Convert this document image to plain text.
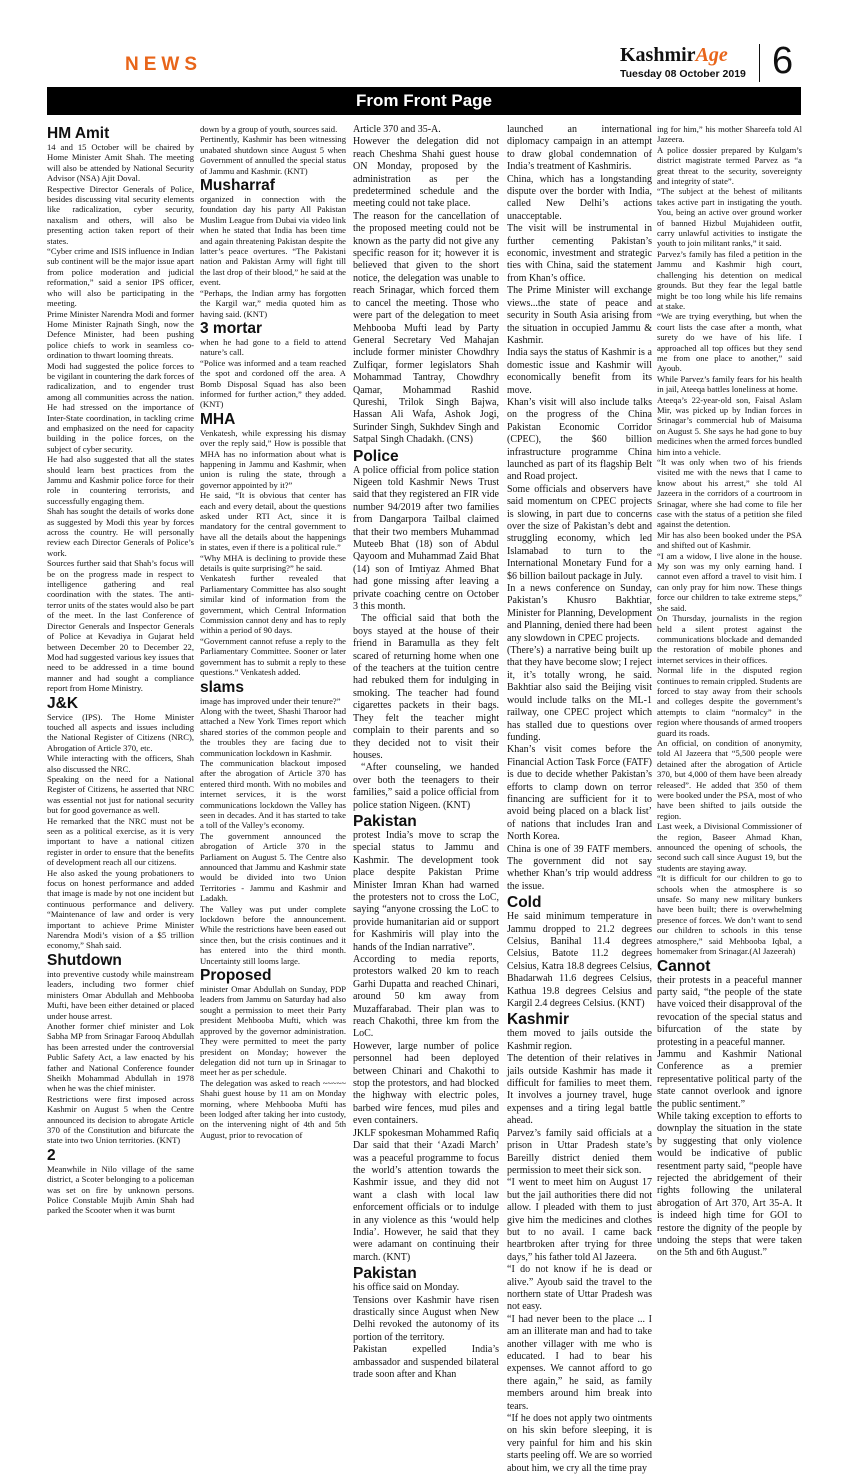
NEWS	KashmirAge
Tuesday 08 October 2019 6
From Front Page
HM Amit

14 and 15 October will be chaired by Home Minister Amit Shah. The meeting will also be attended by National Security Advisor (NSA) Ajit Doval.

Respective Director Generals of Police, besides discussing vital security elements like radicalization, cyber security, naxalism and others, will also be presenting action taken report of their states.

“Cyber crime and ISIS influence in Indian sub continent will be the major issue apart from police moderation and judicial reformation,” said a senior IPS officer, who will also be participating in the meeting.

Prime Minister Narendra Modi and former Home Minister Rajnath Singh, now the Defence Minister, had been pushing police chiefs to work in seamless co-ordination to thwart looming threats.

Modi had suggested the police forces to be vigilant in countering the dark forces of radicalization, and to engender trust among all communities across the nation. He had stressed on the importance of Inter-State coordination, in tackling crime and emphasized on the need for capacity building in the police forces, on the subject of cyber security.

He had also suggested that all the states should learn best practices from the Jammu and Kashmir police force for their role in countering terrorists, and successfully engaging them.

Shah has sought the details of works done as suggested by Modi this year by forces across the country. He will personally review each Director Generals of Police’s work.

Sources further said that Shah’s focus will be on the progress made in respect to intelligence gathering and real coordination with the states. The anti-terror units of the states would also be part of the meet. In the last Conference of Director Generals and Inspector Generals of Police at Kevadiya in Gujarat held between December 20 to December 22, Mod had suggested various key issues that need to be addressed in a time bound manner and had sought a compliance report from Home Ministry.

J&K

Service (IPS). The Home Minister touched all aspects and issues including the National Register of Citizens (NRC), Abrogation of Article 370, etc.

While interacting with the officers, Shah also discussed the NRC.

Speaking on the need for a National Register of Citizens, he asserted that NRC was essential not just for national security but for good governance as well.

He remarked that the NRC must not be seen as a political exercise, as it is very important to have a national citizen register in order to ensure that the benefits of development reach all our citizens.

He also asked the young probationers to focus on honest performance and added that image is made by not one incident but continuous performance and delivery. “Maintenance of law and order is very important to achieve Prime Minister Narendra Modi’s vision of a $5 trillion economy,” Shah said.

Shutdown

into preventive custody while mainstream leaders, including two former chief ministers Omar Abdullah and Mehbooba Mufti, have been either detained or placed under house arrest.

Another former chief minister and Lok Sabha MP from Srinagar Farooq Abdullah has been arrested under the controversial Public Safety Act, a law enacted by his father and National Conference founder Sheikh Mohammad Abdullah in 1978 when he was the chief minister.

Restrictions were first imposed across Kashmir on August 5 when the Centre announced its decision to abrogate Article 370 of the Constitution and bifurcate the state into two Union territories. (KNT)

2

Meanwhile in Nilo village of the same district, a Scoter belonging to a policeman was set on fire by unknown persons. Police Constable Mujib Amin Shah had parked the Scooter when it was burnt

down by a group of youth, sources said.

Pertinently, Kashmir has been witnessing unabated shutdown since August 5 when Government of annulled the special status of Jammu and Kashmir. (KNT)

Musharraf

organized in connection with the foundation day his party All Pakistan Muslim League from Dubai via video link when he stated that India has been time and again threatening Pakistan despite the latter’s peace overtures. “The Pakistani nation and Pakistan Army will fight till the last drop of their blood,” he said at the event.

“Perhaps, the Indian army has forgotten the Kargil war,” media quoted him as having said. (KNT)

3 mortar

when he had gone to a field to attend nature’s call.

“Police was informed and a team reached the spot and cordoned off the area. A Bomb Disposal Squad has also been informed for further action,” they added. (KNT)

MHA

Venkatesh, while expressing his dismay over the reply said,” How is possible that MHA has no information about what is happening in Jammu and Kashmir, when union is ruling the state, through a governor appointed by it?”

He said, “It is obvious that center has each and every detail, about the questions asked under RTI Act, since it is mandatory for the central government to have all the details about the happenings in states, even if there is a political rule.”

“Why MHA is declining to provide these details is quite surprising?” he said.

Venkatesh further revealed that Parliamentary Committee has also sought similar kind of information from the government, which Central Information Commission cannot deny and has to reply within a period of 90 days.

“Government cannot refuse a reply to the Parliamentary Committee. Sooner or later government has to submit a reply to these questions.” Venkatesh added.

slams

image has improved under their tenure?”

Along with the tweet, Shashi Tharoor had attached a New York Times report which shared stories of the common people and the troubles they are facing due to communication lockdown in Kashmir.

The communication blackout imposed after the abrogation of Article 370 has entered third month. With no mobiles and internet services, it is the worst communications lockdown the Valley has seen in decades. And it has started to take a toll of the Valley’s economy.

The government announced the abrogation of Article 370 in the Parliament on August 5. The Centre also announced that Jammu and Kashmir state would be divided into two Union Territories - Jammu and Kashmir and Ladakh.

The Valley was put under complete lockdown before the announcement. While the restrictions have been eased out since then, but the crisis continues and it has entered into the third month. Uncertainty still looms large.

Proposed

minister Omar Abdullah on Sunday, PDP leaders from Jammu on Saturday had also sought a permission to meet their Party president Mehbooba Mufti, which was approved by the governor administration. They were permitted to meet the party president on Monday; however the delegation did not turn up in Srinagar to meet her as per schedule.

The delegation was asked to reach ~~~~~ Shahi guest house by 11 am on Monday morning, where Mehbooba Mufti has been lodged after taking her into custody, on the intervening night of 4th and 5th August, prior to revocation of

Article 370 and 35-A.

However the delegation did not reach Cheshma Shahi guest house ON Monday, proposed by the administration as per the predetermined schedule and the meeting could not take place.

The reason for the cancellation of the proposed meeting could not be known as the party did not give any specific reason for it; however it is believed that given to the short notice, the delegation was unable to reach Srinagar, which forced them to cancel the meeting. Those who were part of the delegation to meet Mehbooba Mufti lead by Party General Secretary Ved Mahajan include former minister Chowdhry Zulfiqar, former legislators Shah Mohammad Tantray, Chowdhry Qamar, Mohammad Rashid Qureshi, Trilok Singh Bajwa, Hassan Ali Wafa, Ashok Jogi, Surinder Singh, Sukhdev Singh and Satpal Singh Chadakh. (CNS)

Police

A police official from police station Nigeen told Kashmir News Trust said that they registered an FIR vide number 94/2019 after two families from Dangarpora Tailbal claimed that their two members Muhammad Muteeb Bhat (18) son of Abdul Qayoom and Muhammad Zaid Bhat (14) son of Imtiyaz Ahmed Bhat had gone missing after leaving a private coaching centre on October 3 this month.

The official said that both the boys stayed at the house of their friend in Baramulla as they felt scared of returning home when one of the teachers at the tuition centre had rebuked them for indulging in smoking. The teacher had found cigarettes packets in their bags. They felt the teacher might complain to their parents and so they decided not to visit their houses.

“After counseling, we handed over both the teenagers to their families,” said a police official from police station Nigeen. (KNT)

Pakistan

protest India’s move to scrap the special status to Jammu and Kashmir. The development took place despite Pakistan Prime Minister Imran Khan had warned the protesters not to cross the LoC, saying “anyone crossing the LoC to provide humanitarian aid or support for Kashmiris will play into the hands of the Indian narrative”.

According to media reports, protestors walked 20 km to reach Garhi Dupatta and reached Chinari, around 50 km away from Muzaffarabad. Their plan was to reach Chakothi, three km from the LoC.

However, large number of police personnel had been deployed between Chinari and Chakothi to stop the protestors, and had blocked the highway with electric poles, barbed wire fences, mud piles and even containers.

JKLF spokesman Mohammed Rafiq Dar said that their ‘Azadi March’ was a peaceful programme to focus the world’s attention towards the Kashmir issue, and they did not want a clash with local law enforcement officials or to indulge in any violence as this ‘would help India’. However, he said that they were adamant on continuing their march. (KNT)

Pakistan

his office said on Monday.

Tensions over Kashmir have risen drastically since August when New Delhi revoked the autonomy of its portion of the territory.

Pakistan expelled India’s ambassador and suspended bilateral trade soon after and Khan

launched an international diplomacy campaign in an attempt to draw global condemnation of India’s treatment of Kashmiris.

China, which has a longstanding dispute over the border with India, called New Delhi’s actions unacceptable.

The visit will be instrumental in further cementing Pakistan’s economic, investment and strategic ties with China, said the statement from Khan’s office.

The Prime Minister will exchange views...the state of peace and security in South Asia arising from the situation in occupied Jammu & Kashmir.

India says the status of Kashmir is a domestic issue and Kashmir will economically benefit from its move.

Khan’s visit will also include talks on the progress of the China Pakistan Economic Corridor (CPEC), the $60 billion infrastructure programme China launched as part of its flagship Belt and Road project.

Some officials and observers have said momentum on CPEC projects is slowing, in part due to concerns over the size of Pakistan’s debt and struggling economy, which led Islamabad to turn to the International Monetary Fund for a $6 billion bailout package in July.

In a news conference on Sunday, Pakistan’s Khusro Bakhtiar, Minister for Planning, Development and Planning, denied there had been any slowdown in CPEC projects.

(There’s) a narrative being built up that they have become slow; I reject it, it’s totally wrong, he said. Bakhtiar also said the Beijing visit would include talks on the ML-1 railway, one CPEC project which has stalled due to questions over funding.

Khan’s visit comes before the Financial Action Task Force (FATF) is due to decide whether Pakistan’s efforts to clamp down on terror financing are sufficient for it to avoid being placed on a black list’ of nations that includes Iran and North Korea.

China is one of 39 FATF members. The government did not say whether Khan’s trip would address the issue.

Cold

He said minimum temperature in Jammu dropped to 21.2 degrees Celsius, Banihal 11.4 degrees Celsius, Batote 11.2 degrees Celsius, Katra 18.8 degrees Celsius, Bhadarwah 11.6 degrees Celsius, Kathua 19.8 degrees Celsius and Kargil 2.4 degrees Celsius. (KNT)

Kashmir

them moved to jails outside the Kashmir region.

The detention of their relatives in jails outside Kashmir has made it difficult for families to meet them. It involves a journey travel, huge expenses and a tiring legal battle ahead.

Parvez’s family said officials at a prison in Uttar Pradesh state’s Bareilly district denied them permission to meet their sick son.

“I went to meet him on August 17 but the jail authorities there did not allow. I pleaded with them to just give him the medicines and clothes but to no avail. I came back heartbroken after trying for three days,” his father told Al Jazeera.

“I do not know if he is dead or alive.” Ayoub said the travel to the northern state of Uttar Pradesh was not easy.

“I had never been to the place ... I am an illiterate man and had to take another villager with me who is educated. I had to bear his expenses. We cannot afford to go there again,” he said, as family members around him break into tears.

“If he does not apply two ointments on his skin before sleeping, it is very painful for him and his skin starts peeling off. We are so worried about him, we cry all the time pray

ing for him,” his mother Shareefa told Al Jazeera.

A police dossier prepared by Kulgam’s district magistrate termed Parvez as “a great threat to the security, sovereignty and integrity of state”.

“The subject at the behest of militants takes active part in instigating the youth. You, being an active over ground worker of banned Hizbul Mujahideen outfit, carry unlawful activities to instigate the youth to join militant ranks,” it said.

Parvez’s family has filed a petition in the Jammu and Kashmir high court, challenging his detention on medical grounds. But they fear the legal battle might be too long while his life remains at stake.

“We are trying everything, but when the court lists the case after a month, what surety do we have of his life. I approached all top offices but they send me from one place to another,” said Ayoub.

While Parvez’s family fears for his health in jail, Ateeqa battles loneliness at home.

Ateeqa’s 22-year-old son, Faisal Aslam Mir, was picked up by Indian forces in Srinagar’s commercial hub of Maisuma on August 5. She says he had gone to buy medicines when the armed forces bundled him into a vehicle.

“It was only when two of his friends visited me with the news that I came to know about his arrest,” she told Al Jazeera in the corridors of a courtroom in Srinagar, where she had come to file her case with the status of a petition she filed against the detention.

Mir has also been booked under the PSA and shifted out of Kashmir.

“I am a widow, I live alone in the house. My son was my only earning hand. I cannot even afford a travel to visit him. I can only pray for him now. These things force our children to take extreme steps,” she said.

On Thursday, journalists in the region held a silent protest against the communications blockade and demanded the restoration of mobile phones and internet services in their offices.

Normal life in the disputed region continues to remain crippled. Students are forced to stay away from their schools and colleges despite the government’s attempts to claim “normalcy” in the region where thousands of armed troopers guard its roads.

An official, on condition of anonymity, told Al Jazeera that “5,500 people were detained after the abrogation of Article 370, but 4,000 of them have been already released”. He added that 350 of them were booked under the PSA, most of who have been shifted to jails outside the region.

Last week, a Divisional Commissioner of the region, Baseer Ahmad Khan, announced the opening of schools, the second such call since August 19, but the students are staying away.

“It is difficult for our children to go to schools when the atmosphere is so unsafe. So many new military bunkers have been built; there is overwhelming presence of forces. We don’t want to send our children to schools in this tense atmosphere,” said Mehbooba Iqbal, a homemaker from Srinagar.(Al Jazeerah)

Cannot

their protests in a peaceful manner party said, “the people of the state have voiced their disapproval of the revocation of the special status and bifurcation of the state by protesting in a peaceful manner.

Jammu and Kashmir National Conference as a premier representative political party of the state cannot overlook and ignore the public sentiment.”

While taking exception to efforts to downplay the situation in the state by suggesting that only violence would be indicative of public resentment party said, “people have rejected the abridgement of their rights following the unilateral abrogation of Art 370, Art 35-A. It is indeed high time for GOI to restore the dignity of the people by undoing the steps that were taken on the 5th and 6th August.”
